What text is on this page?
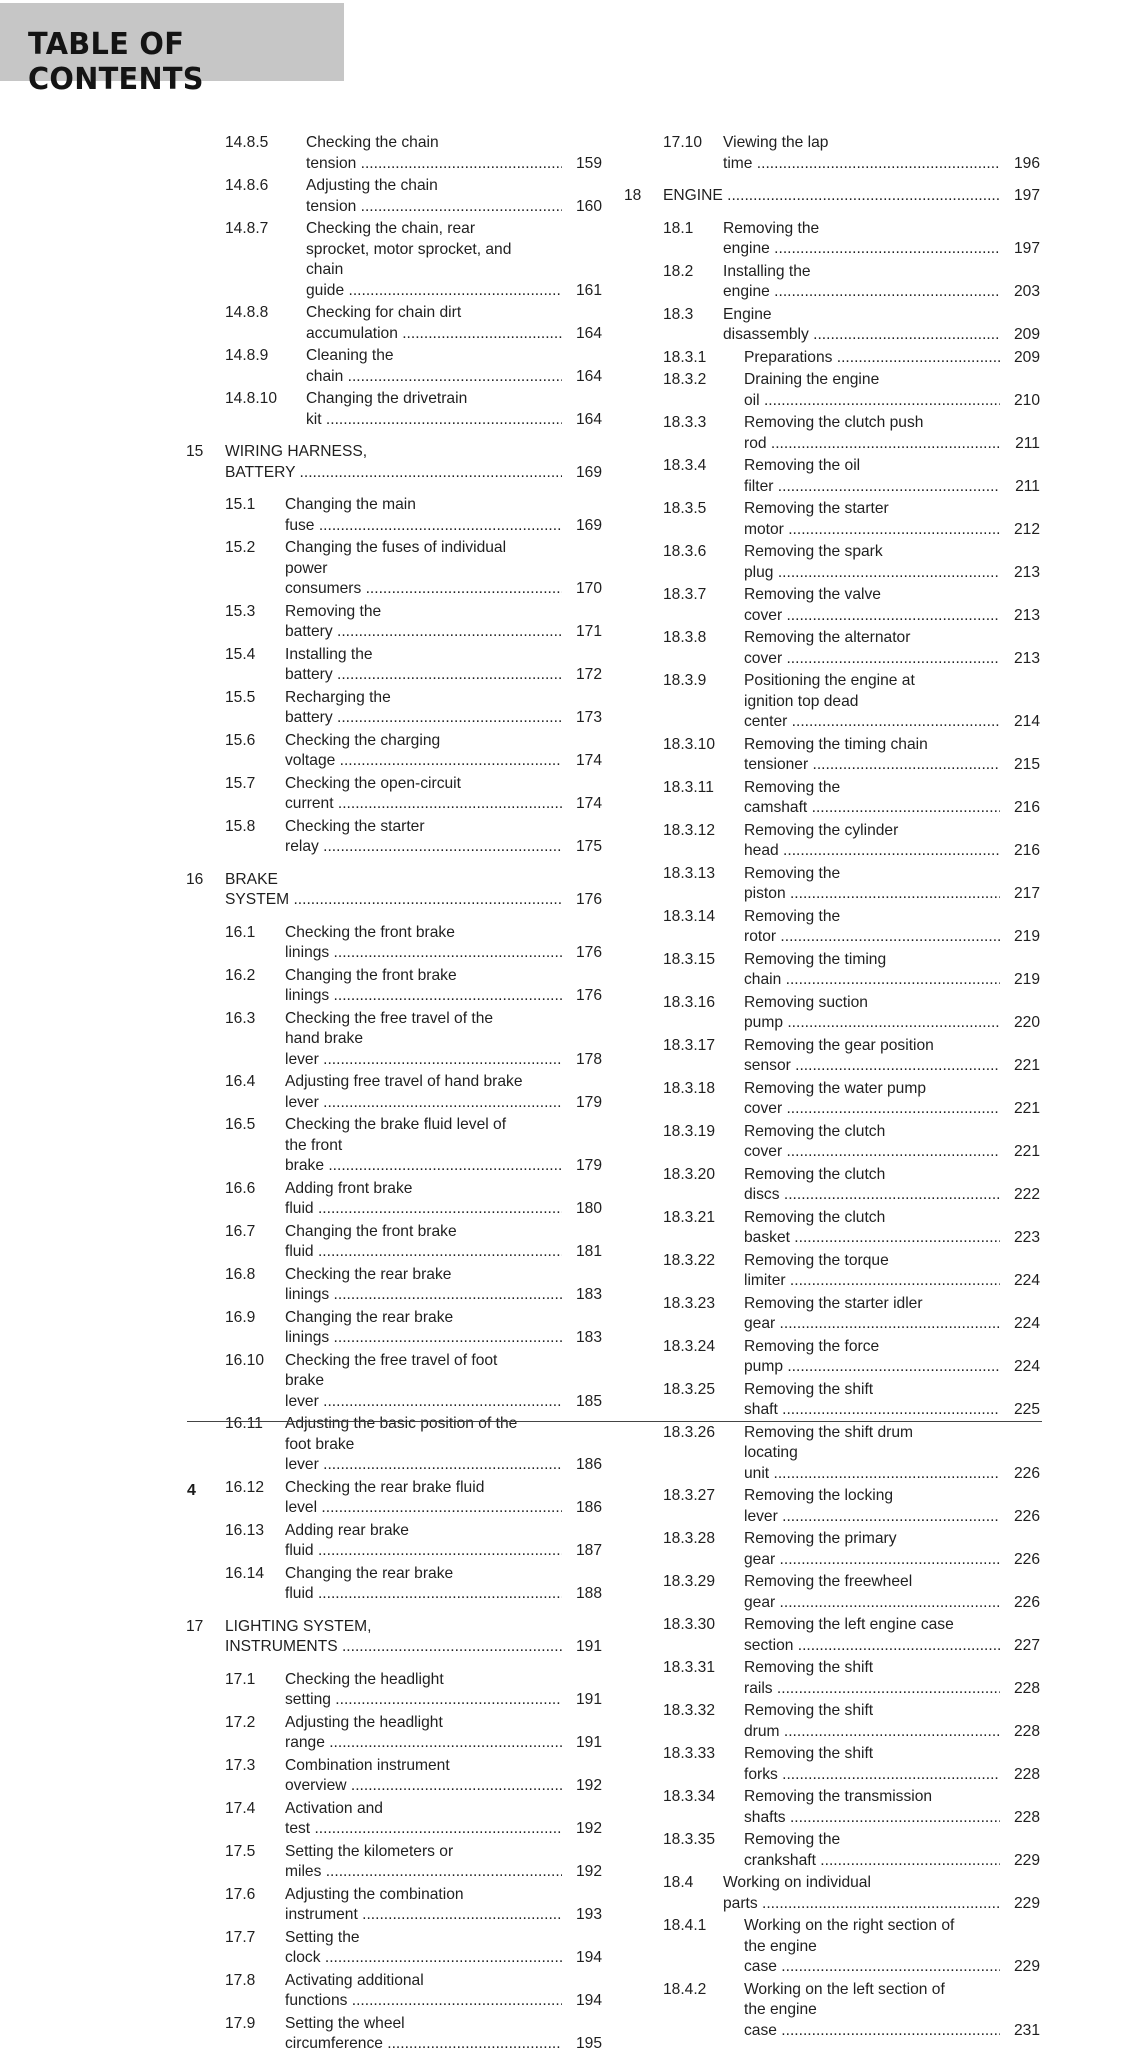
TABLE OF CONTENTS
14.8.5	Checking the chain tension .....	159
14.8.6	Adjusting the chain tension .....	160
14.8.7	Checking the chain, rear
sprocket, motor sprocket, and
chain guide .....	161
14.8.8	Checking for chain dirt
accumulation .....	164
14.8.9	Cleaning the chain .....	164
14.8.10	Changing the drivetrain kit .....	164
15	WIRING HARNESS, BATTERY .....	169
15.1	Changing the main fuse .....	169
15.2	Changing the fuses of individual
power consumers .....	170
15.3	Removing the battery .....	171
15.4	Installing the battery .....	172
15.5	Recharging the battery .....	173
15.6	Checking the charging voltage .....	174
15.7	Checking the open-circuit current .....	174
15.8	Checking the starter relay .....	175
16	BRAKE SYSTEM .....	176
16.1	Checking the front brake linings .....	176
16.2	Changing the front brake linings .....	176
16.3	Checking the free travel of the
hand brake lever .....	178
16.4	Adjusting free travel of hand brake
lever .....	179
16.5	Checking the brake fluid level of
the front brake .....	179
16.6	Adding front brake fluid .....	180
16.7	Changing the front brake fluid .....	181
16.8	Checking the rear brake linings .....	183
16.9	Changing the rear brake linings .....	183
16.10	Checking the free travel of foot
brake lever .....	185
16.11	Adjusting the basic position of the
foot brake lever .....	186
16.12	Checking the rear brake fluid
level .....	186
16.13	Adding rear brake fluid .....	187
16.14	Changing the rear brake fluid .....	188
17	LIGHTING SYSTEM, INSTRUMENTS .....	191
17.1	Checking the headlight setting .....	191
17.2	Adjusting the headlight range .....	191
17.3	Combination instrument overview .....	192
17.4	Activation and test .....	192
17.5	Setting the kilometers or miles .....	192
17.6	Adjusting the combination
instrument .....	193
17.7	Setting the clock .....	194
17.8	Activating additional functions .....	194
17.9	Setting the wheel circumference .....	195
17.10	Viewing the lap time .....	196
18	ENGINE .....	197
18.1	Removing the engine .....	197
18.2	Installing the engine .....	203
18.3	Engine disassembly .....	209
18.3.1	Preparations .....	209
18.3.2	Draining the engine oil .....	210
18.3.3	Removing the clutch push rod .....	211
18.3.4	Removing the oil filter .....	211
18.3.5	Removing the starter motor .....	212
18.3.6	Removing the spark plug .....	213
18.3.7	Removing the valve cover .....	213
18.3.8	Removing the alternator cover .....	213
18.3.9	Positioning the engine at
ignition top dead center .....	214
18.3.10	Removing the timing chain
tensioner .....	215
18.3.11	Removing the camshaft .....	216
18.3.12	Removing the cylinder head .....	216
18.3.13	Removing the piston .....	217
18.3.14	Removing the rotor .....	219
18.3.15	Removing the timing chain .....	219
18.3.16	Removing suction pump .....	220
18.3.17	Removing the gear position
sensor .....	221
18.3.18	Removing the water pump
cover .....	221
18.3.19	Removing the clutch cover .....	221
18.3.20	Removing the clutch discs .....	222
18.3.21	Removing the clutch basket .....	223
18.3.22	Removing the torque limiter .....	224
18.3.23	Removing the starter idler gear .....	224
18.3.24	Removing the force pump .....	224
18.3.25	Removing the shift shaft .....	225
18.3.26	Removing the shift drum
locating unit .....	226
18.3.27	Removing the locking lever .....	226
18.3.28	Removing the primary gear .....	226
18.3.29	Removing the freewheel gear .....	226
18.3.30	Removing the left engine case
section .....	227
18.3.31	Removing the shift rails .....	228
18.3.32	Removing the shift drum .....	228
18.3.33	Removing the shift forks .....	228
18.3.34	Removing the transmission
shafts .....	228
18.3.35	Removing the crankshaft .....	229
18.4	Working on individual parts .....	229
18.4.1	Working on the right section of
the engine case .....	229
18.4.2	Working on the left section of
the engine case .....	231
4
